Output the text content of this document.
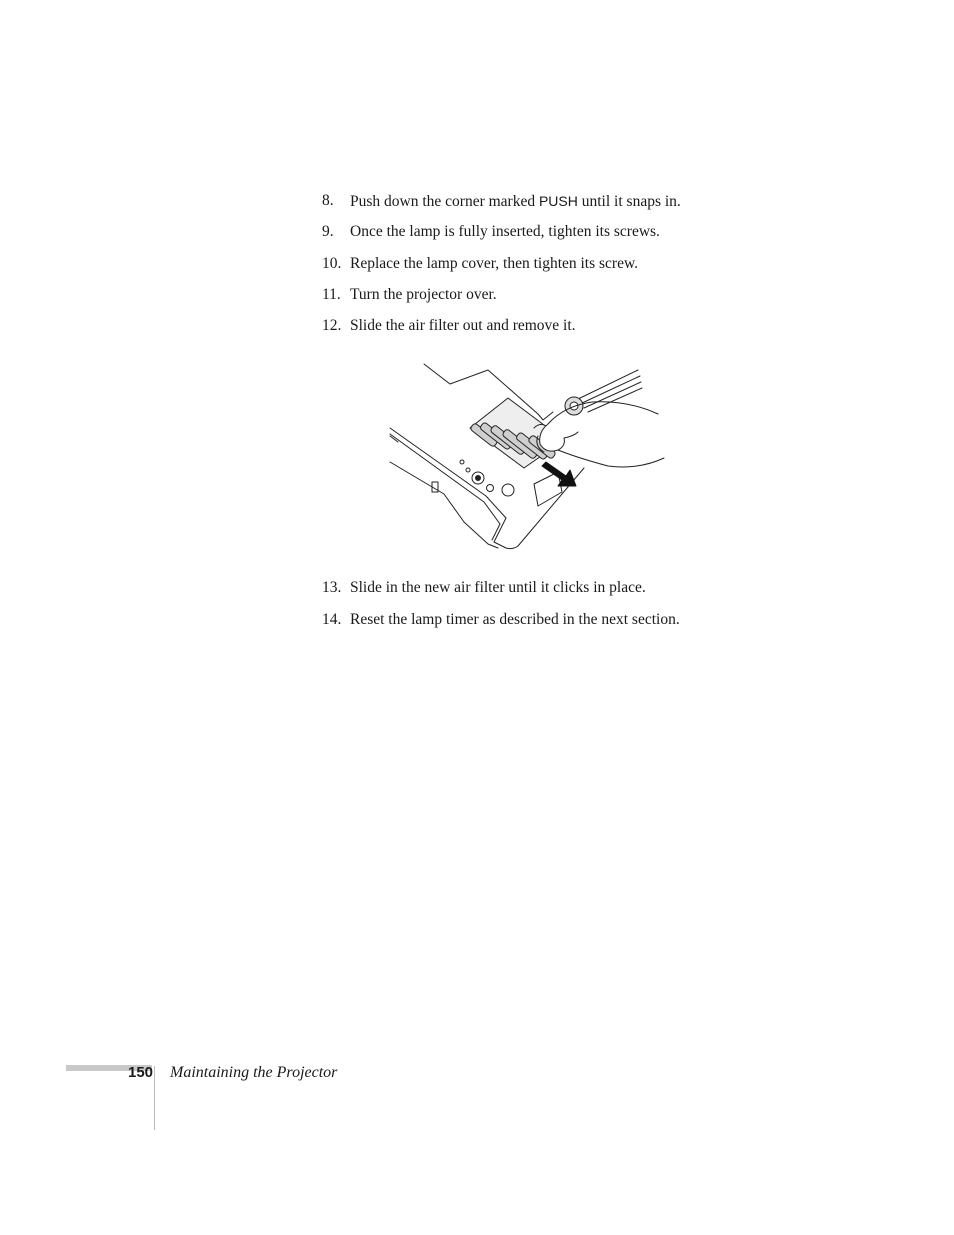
8.	Push down the corner marked PUSH until it snaps in.
9.	Once the lamp is fully inserted, tighten its screws.
10. Replace the lamp cover, then tighten its screw.
11. Turn the projector over.
12. Slide the air filter out and remove it.
13. Slide in the new air filter until it clicks in place.
14. Reset the lamp timer as described in the next section.
150 Maintaining the Projector
